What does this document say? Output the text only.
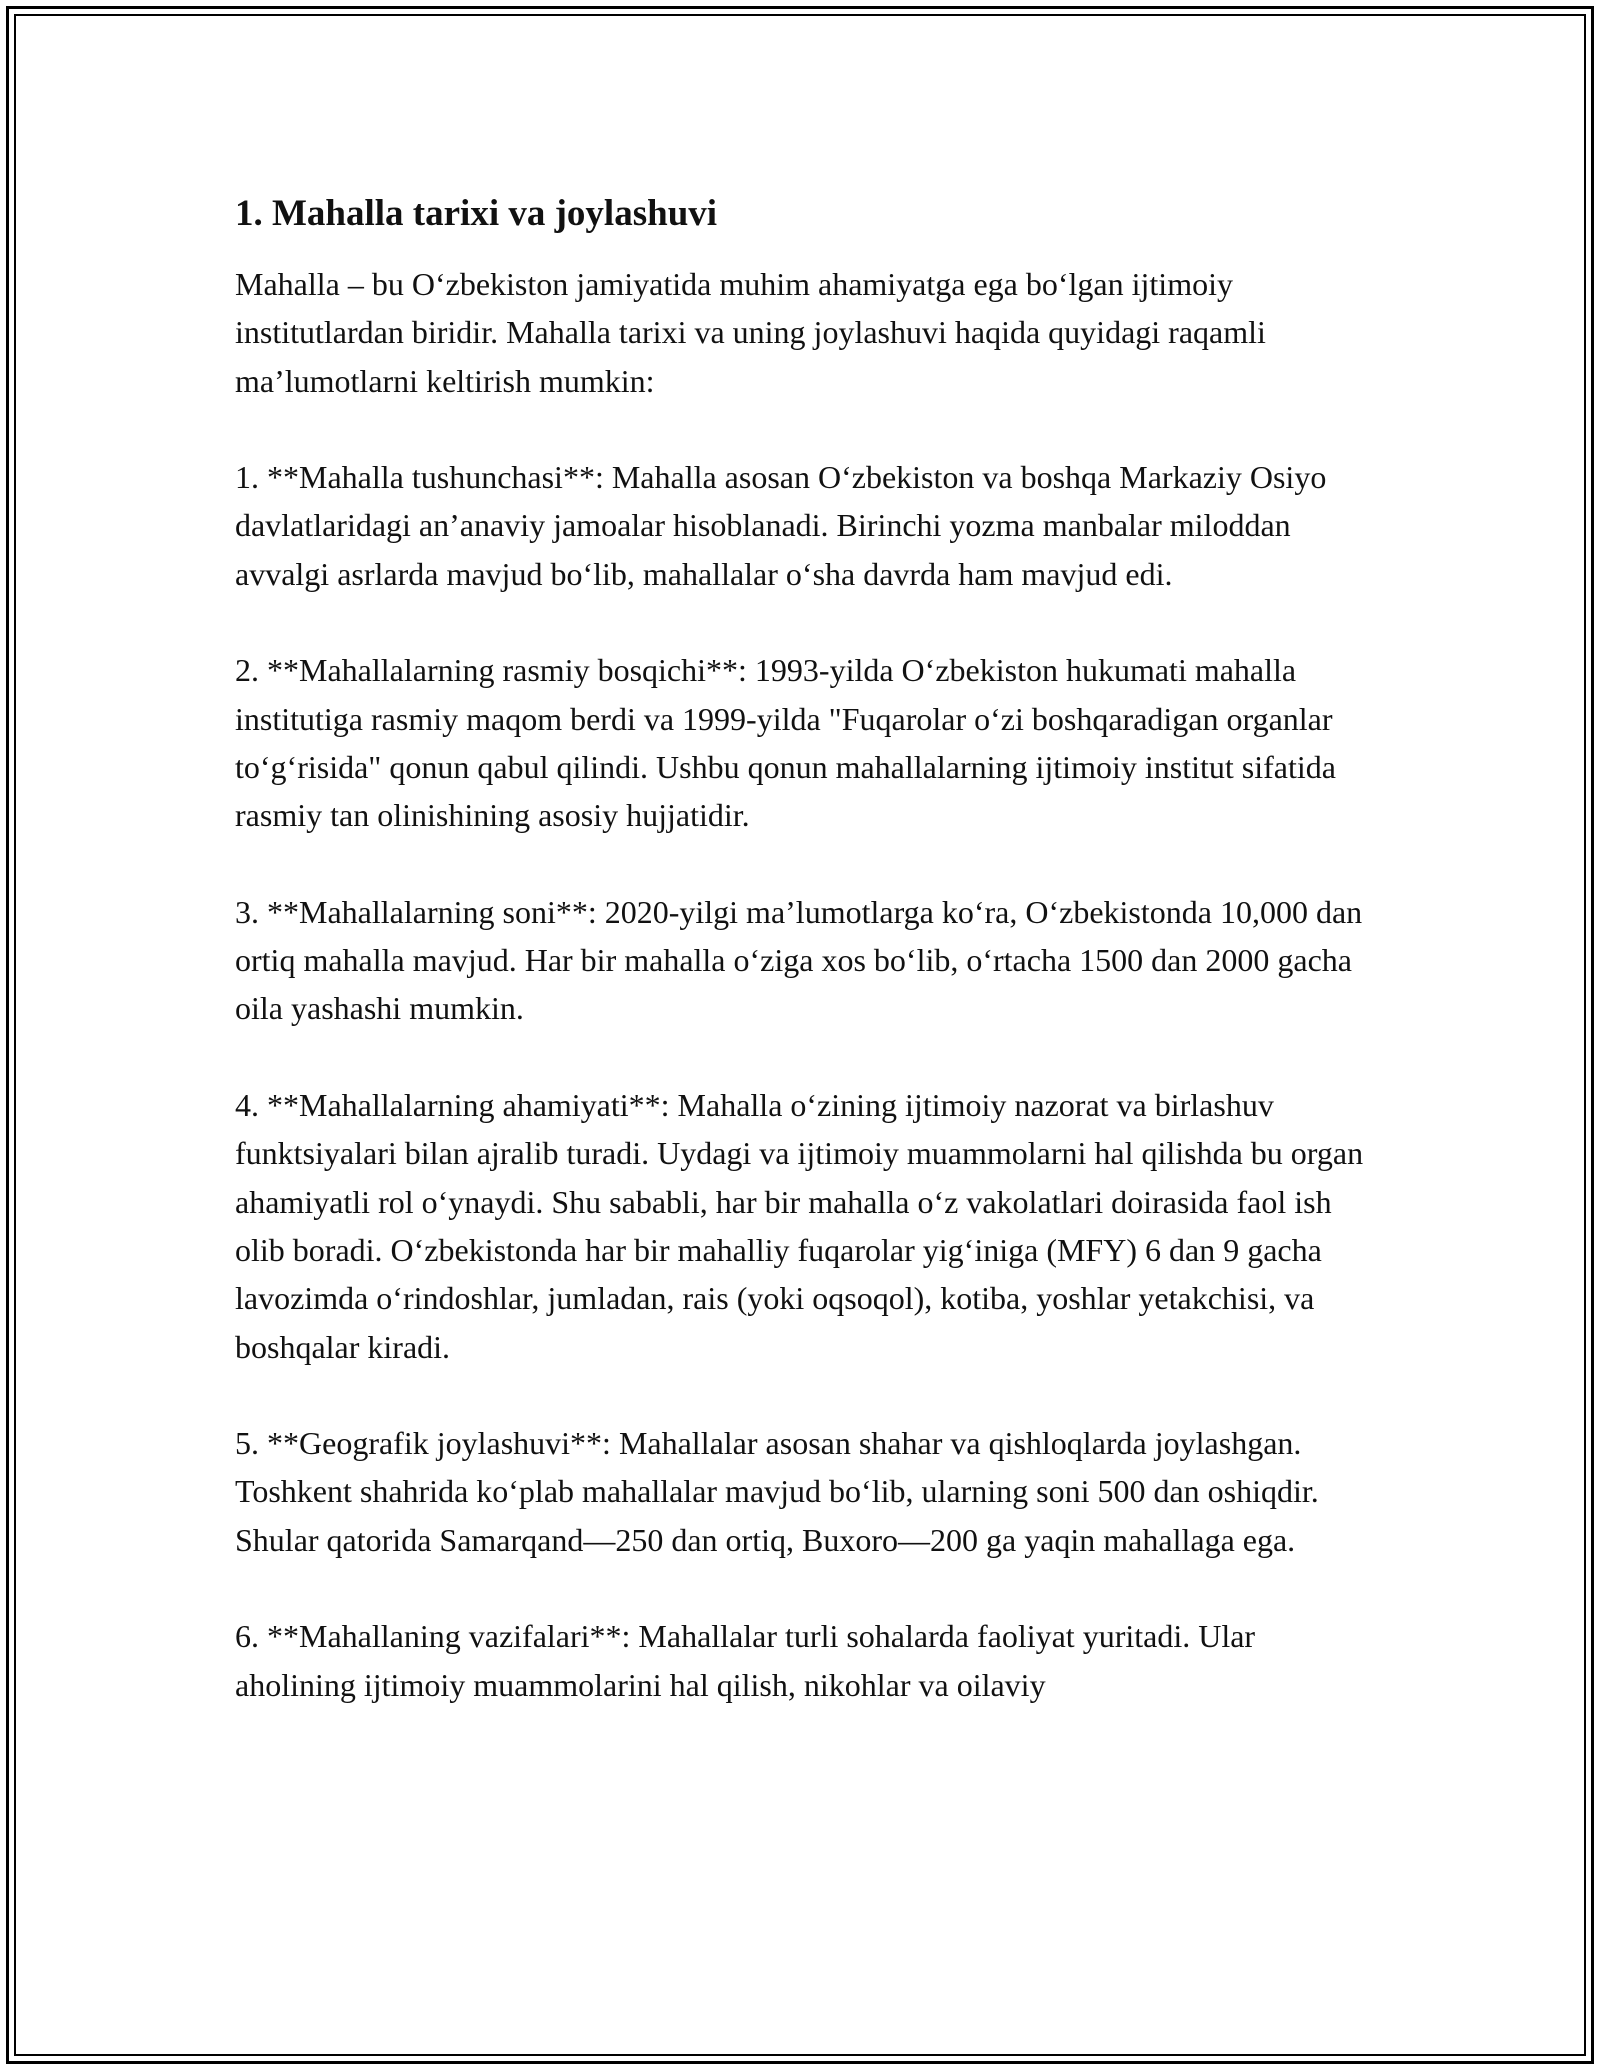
1. Mahalla tarixi va joylashuvi

Mahalla – bu O‘zbekiston jamiyatida muhim ahamiyatga ega bo‘lgan ijtimoiy institutlardan biridir. Mahalla tarixi va uning joylashuvi haqida quyidagi raqamli ma’lumotlarni keltirish mumkin:

1. **Mahalla tushunchasi**: Mahalla asosan O‘zbekiston va boshqa Markaziy Osiyo davlatlaridagi an’anaviy jamoalar hisoblanadi. Birinchi yozma manbalar miloddan avvalgi asrlarda mavjud bo‘lib, mahallalar o‘sha davrda ham mavjud edi.

2. **Mahallalarning rasmiy bosqichi**: 1993-yilda O‘zbekiston hukumati mahalla institutiga rasmiy maqom berdi va 1999-yilda "Fuqarolar o‘zi boshqaradigan organlar to‘g‘risida" qonun qabul qilindi. Ushbu qonun mahallalarning ijtimoiy institut sifatida rasmiy tan olinishining asosiy hujjatidir.

3. **Mahallalarning soni**: 2020-yilgi ma’lumotlarga ko‘ra, O‘zbekistonda 10,000 dan ortiq mahalla mavjud. Har bir mahalla o‘ziga xos bo‘lib, o‘rtacha 1500 dan 2000 gacha oila yashashi mumkin.

4. **Mahallalarning ahamiyati**: Mahalla o‘zining ijtimoiy nazorat va birlashuv funktsiyalari bilan ajralib turadi. Uydagi va ijtimoiy muammolarni hal qilishda bu organ ahamiyatli rol o‘ynaydi. Shu sababli, har bir mahalla o‘z vakolatlari doirasida faol ish olib boradi. O‘zbekistonda har bir mahalliy fuqarolar yig‘iniga (MFY) 6 dan 9 gacha lavozimda o‘rindoshlar, jumladan, rais (yoki oqsoqol), kotiba, yoshlar yetakchisi, va boshqalar kiradi.

5. **Geografik joylashuvi**: Mahallalar asosan shahar va qishloqlarda joylashgan. Toshkent shahrida ko‘plab mahallalar mavjud bo‘lib, ularning soni 500 dan oshiqdir. Shular qatorida Samarqand—250 dan ortiq, Buxoro—200 ga yaqin mahallaga ega.

6. **Mahallaning vazifalari**: Mahallalar turli sohalarda faoliyat yuritadi. Ular aholining ijtimoiy muammolarini hal qilish, nikohlar va oilaviy
